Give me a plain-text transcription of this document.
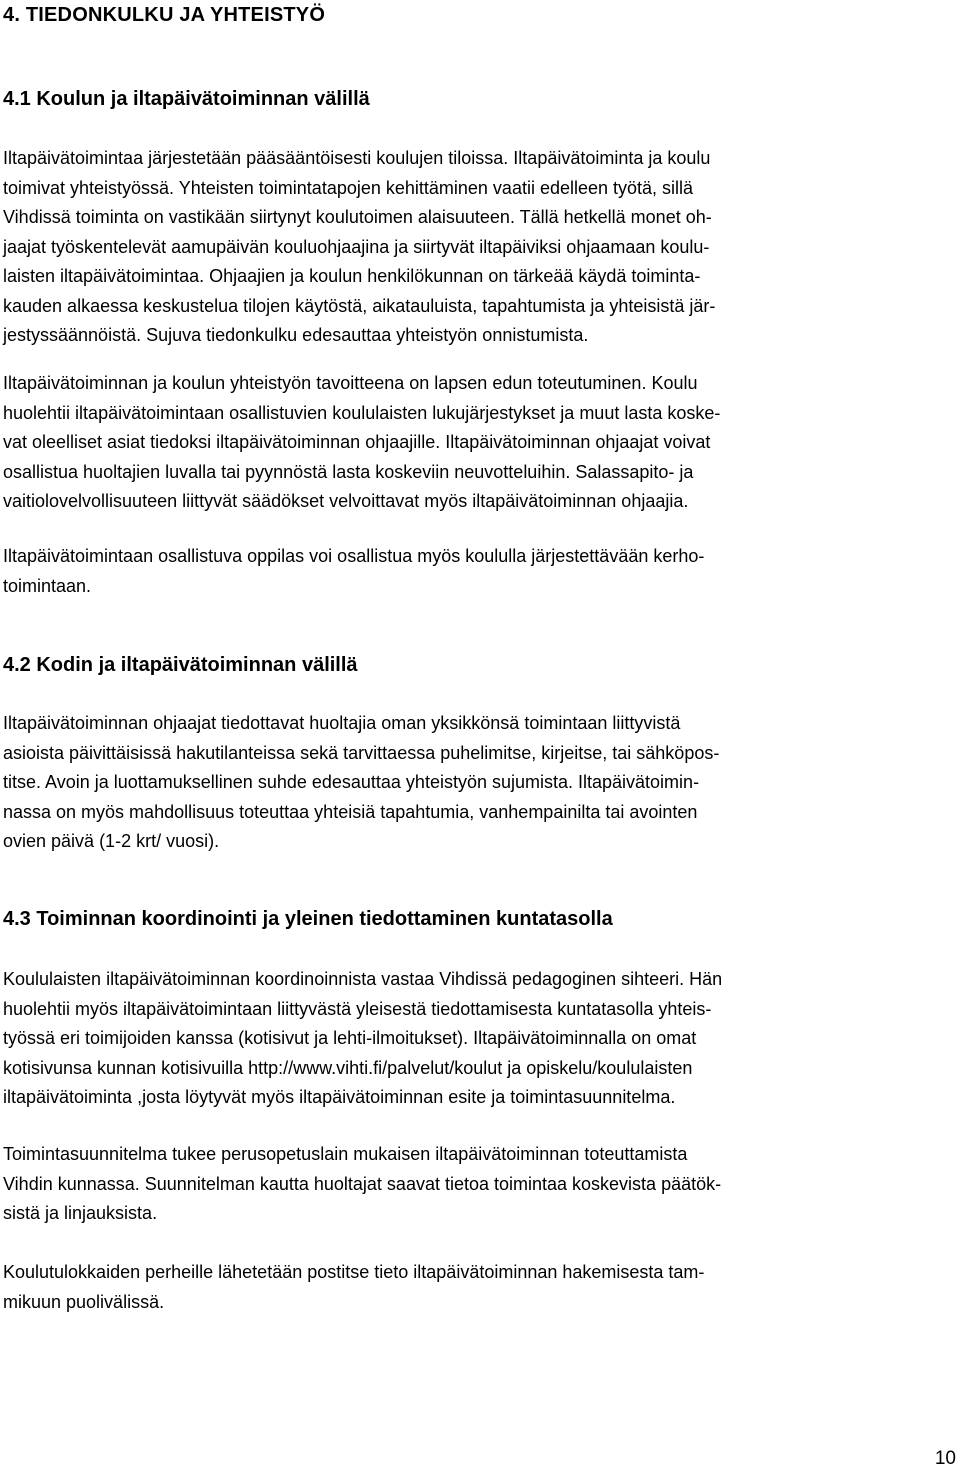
4. TIEDONKULKU JA YHTEISTYÖ
4.1 Koulun ja iltapäivätoiminnan välillä

Iltapäivätoimintaa järjestetään pääsääntöisesti koulujen tiloissa. Iltapäivätoiminta ja koulu
toimivat yhteistyössä. Yhteisten toimintatapojen kehittäminen vaatii edelleen työtä, sillä
Vihdissä toiminta on vastikään siirtynyt koulutoimen alaisuuteen. Tällä hetkellä monet oh-
jaajat työskentelevät aamupäivän kouluohjaajina ja siirtyvät iltapäiviksi ohjaamaan koulu-
laisten iltapäivätoimintaa. Ohjaajien ja koulun henkilökunnan on tärkeää käydä toiminta-
kauden alkaessa keskustelua tilojen käytöstä, aikatauluista, tapahtumista ja yhteisistä jär-
jestyssäännöistä. Sujuva tiedonkulku edesauttaa yhteistyön onnistumista.

Iltapäivätoiminnan ja koulun yhteistyön tavoitteena on lapsen edun toteutuminen. Koulu
huolehtii iltapäivätoimintaan osallistuvien koululaisten lukujärjestykset ja muut lasta koske-
vat oleelliset asiat tiedoksi iltapäivätoiminnan ohjaajille. Iltapäivätoiminnan ohjaajat voivat
osallistua huoltajien luvalla tai pyynnöstä lasta koskeviin neuvotteluihin. Salassapito- ja
vaitiolovelvollisuuteen liittyvät säädökset velvoittavat myös iltapäivätoiminnan ohjaajia.

Iltapäivätoimintaan osallistuva oppilas voi osallistua myös koululla järjestettävään kerho-
toimintaan.

4.2 Kodin ja iltapäivätoiminnan välillä

Iltapäivätoiminnan ohjaajat tiedottavat huoltajia oman yksikkönsä toimintaan liittyvistä
asioista päivittäisissä hakutilanteissa sekä tarvittaessa puhelimitse, kirjeitse, tai sähköpos-
titse. Avoin ja luottamuksellinen suhde edesauttaa yhteistyön sujumista. Iltapäivätoimin-
nassa on myös mahdollisuus toteuttaa yhteisiä tapahtumia, vanhempainilta tai avointen
ovien päivä (1-2 krt/ vuosi).

4.3 Toiminnan koordinointi ja yleinen tiedottaminen kuntatasolla

Koululaisten iltapäivätoiminnan koordinoinnista vastaa Vihdissä pedagoginen sihteeri. Hän
huolehtii myös iltapäivätoimintaan liittyvästä yleisestä tiedottamisesta kuntatasolla yhteis-
työssä eri toimijoiden kanssa (kotisivut ja lehti-ilmoitukset). Iltapäivätoiminnalla on omat
kotisivunsa kunnan kotisivuilla http://www.vihti.fi/palvelut/koulut ja opiskelu/koululaisten
iltapäivätoiminta ,josta löytyvät myös iltapäivätoiminnan esite ja toimintasuunnitelma.

Toimintasuunnitelma tukee perusopetuslain mukaisen iltapäivätoiminnan toteuttamista
Vihdin kunnassa. Suunnitelman kautta huoltajat saavat tietoa toimintaa koskevista päätök-
sistä ja linjauksista.

Koulutulokkaiden perheille lähetetään postitse tieto iltapäivätoiminnan hakemisesta tam-
mikuun puolivälissä.

10
